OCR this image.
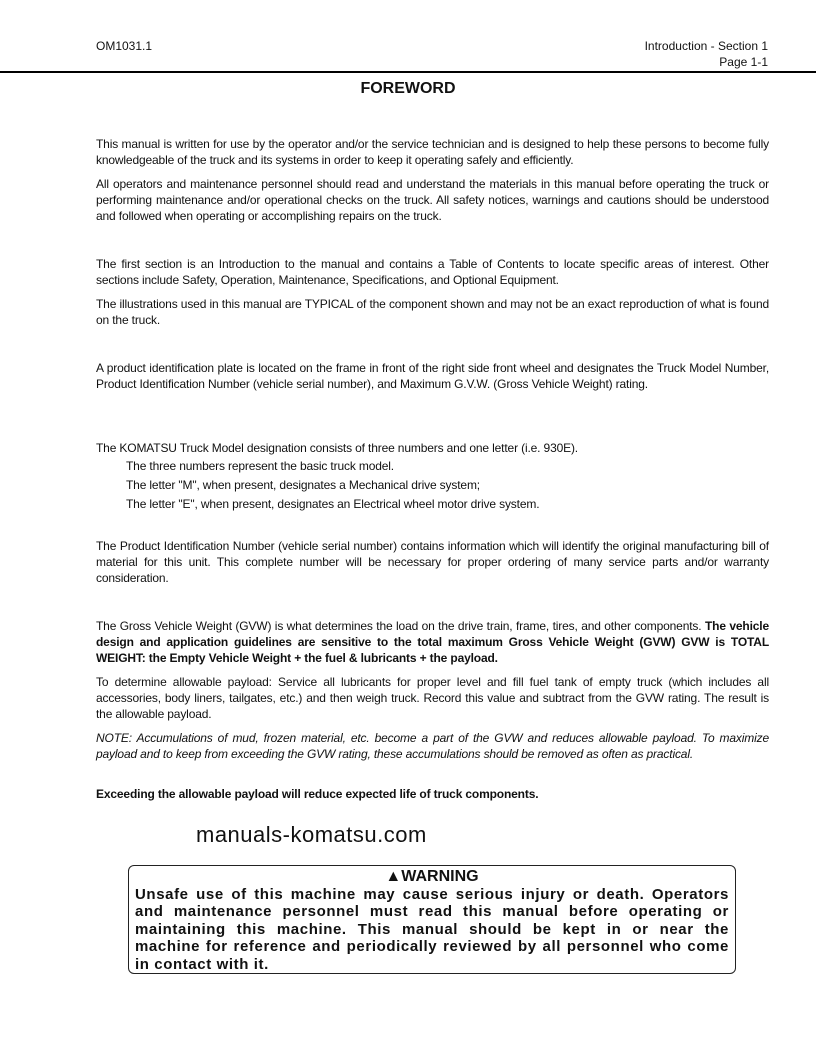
OM1031.1	Introduction - Section 1
Page 1-1
FOREWORD
This manual is written for use by the operator and/or the service technician and is designed to help these persons to become fully knowledgeable of the truck and its systems in order to keep it operating safely and efficiently.
All operators and maintenance personnel should read and understand the materials in this manual before operating the truck or performing maintenance and/or operational checks on the truck. All safety notices, warnings and cautions should be understood and followed when operating or accomplishing repairs on the truck.
The first section is an Introduction to the manual and contains a Table of Contents to locate specific areas of interest. Other sections include Safety, Operation, Maintenance, Specifications, and Optional Equipment.
The illustrations used in this manual are TYPICAL of the component shown and may not be an exact reproduction of what is found on the truck.
A product identification plate is located on the frame in front of the right side front wheel and designates the Truck Model Number, Product Identification Number (vehicle serial number), and Maximum G.V.W. (Gross Vehicle Weight) rating.
The KOMATSU Truck Model designation consists of three numbers and one letter (i.e. 930E).
The three numbers represent the basic truck model.
The letter "M", when present, designates a Mechanical drive system;
The letter "E", when present, designates an Electrical wheel motor drive system.
The Product Identification Number (vehicle serial number) contains information which will identify the original manufacturing bill of material for this unit. This complete number will be necessary for proper ordering of many service parts and/or warranty consideration.
The Gross Vehicle Weight (GVW) is what determines the load on the drive train, frame, tires, and other components. The vehicle design and application guidelines are sensitive to the total maximum Gross Vehicle Weight (GVW) GVW is TOTAL WEIGHT: the Empty Vehicle Weight + the fuel & lubricants + the payload.
To determine allowable payload: Service all lubricants for proper level and fill fuel tank of empty truck (which includes all accessories, body liners, tailgates, etc.) and then weigh truck. Record this value and subtract from the GVW rating. The result is the allowable payload.
NOTE: Accumulations of mud, frozen material, etc. become a part of the GVW and reduces allowable payload. To maximize payload and to keep from exceeding the GVW rating, these accumulations should be removed as often as practical.
Exceeding the allowable payload will reduce expected life of truck components.
manuals-komatsu.com
▲WARNING
Unsafe use of this machine may cause serious injury or death. Operators and maintenance personnel must read this manual before operating or maintaining this machine. This manual should be kept in or near the machine for reference and periodically reviewed by all personnel who come in contact with it.
